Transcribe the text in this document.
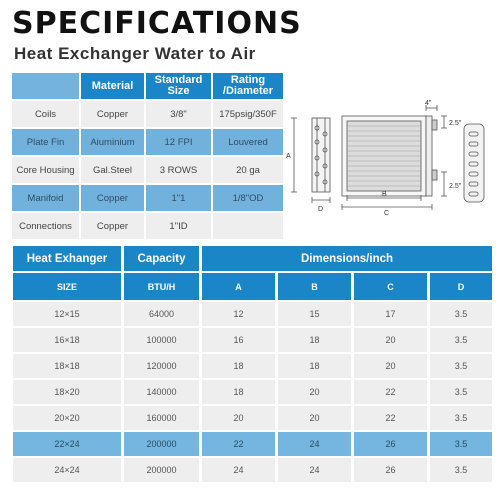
SPECIFICATIONS
Heat Exchanger Water to Air
	Material	Standard Size	Rating /Diameter
Coils	Copper	3/8"	175psig/350F
Plate Fin	Aiuminium	12 FPI	Louvered
Core Housing	Gal.Steel	3 ROWS	20 ga
Manifoid	Copper	1"1	1/8"OD
Connections	Copper	1"ID	
A
D
B
C
4"
2.5"
2.5"
Heat Exhanger	Capacity	Dimensions/inch			
SIZE	BTU/H	A	B	C	D
12×15	64000	12	15	17	3.5
16×18	100000	16	18	20	3.5
18×18	120000	18	18	20	3.5
18×20	140000	18	20	22	3.5
20×20	160000	20	20	22	3.5
22×24	200000	22	24	26	3.5
24×24	200000	24	24	26	3.5
